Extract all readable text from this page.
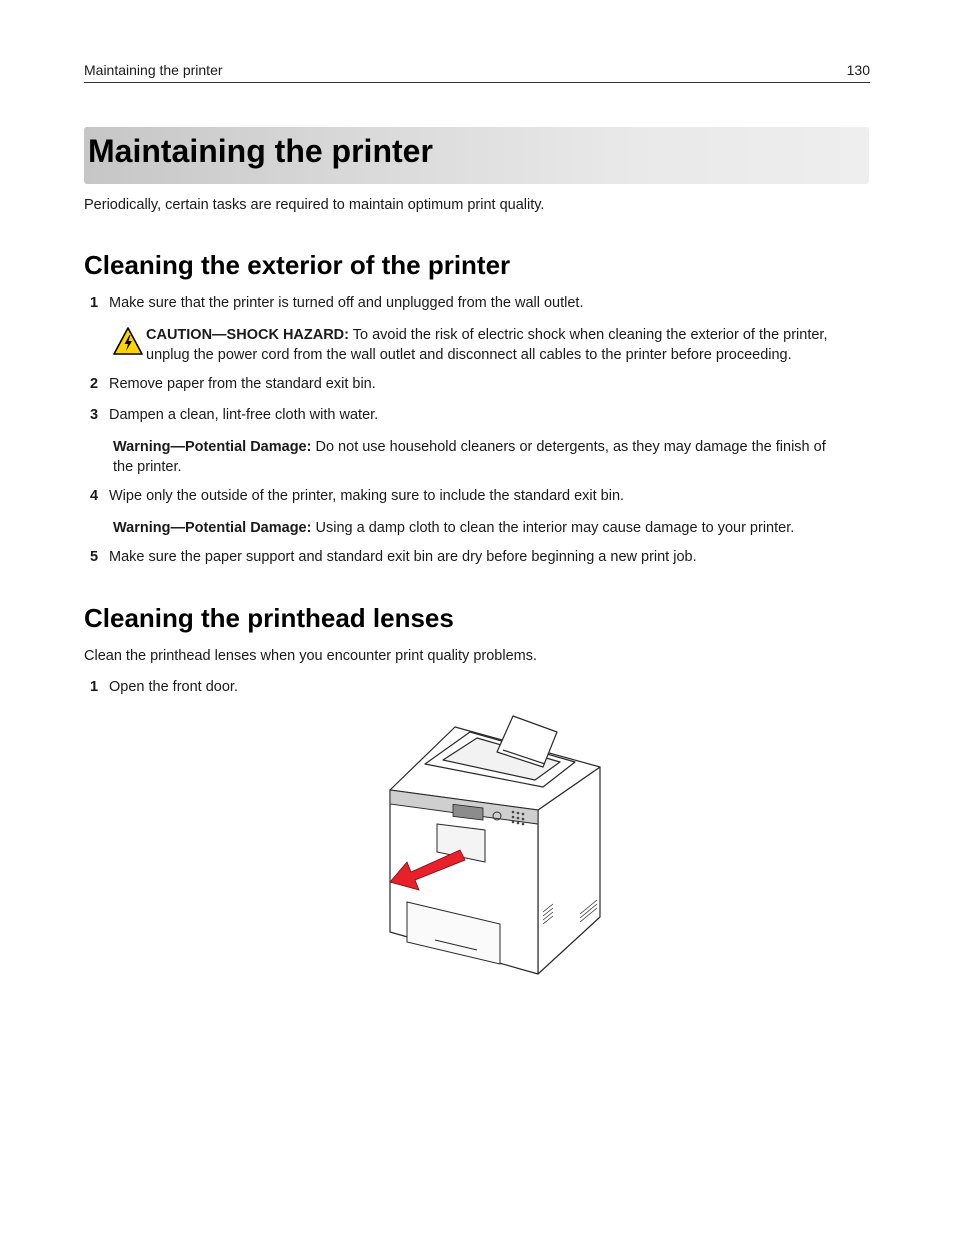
Maintaining the printer	130
Maintaining the printer
Periodically, certain tasks are required to maintain optimum print quality.
Cleaning the exterior of the printer
1 Make sure that the printer is turned off and unplugged from the wall outlet.
CAUTION—SHOCK HAZARD: To avoid the risk of electric shock when cleaning the exterior of the printer,
unplug the power cord from the wall outlet and disconnect all cables to the printer before proceeding.
2 Remove paper from the standard exit bin.
3 Dampen a clean, lint-free cloth with water.
Warning—Potential Damage: Do not use household cleaners or detergents, as they may damage the finish of
the printer.
4 Wipe only the outside of the printer, making sure to include the standard exit bin.
Warning—Potential Damage: Using a damp cloth to clean the interior may cause damage to your printer.
5 Make sure the paper support and standard exit bin are dry before beginning a new print job.
Cleaning the printhead lenses
Clean the printhead lenses when you encounter print quality problems.
1 Open the front door.
